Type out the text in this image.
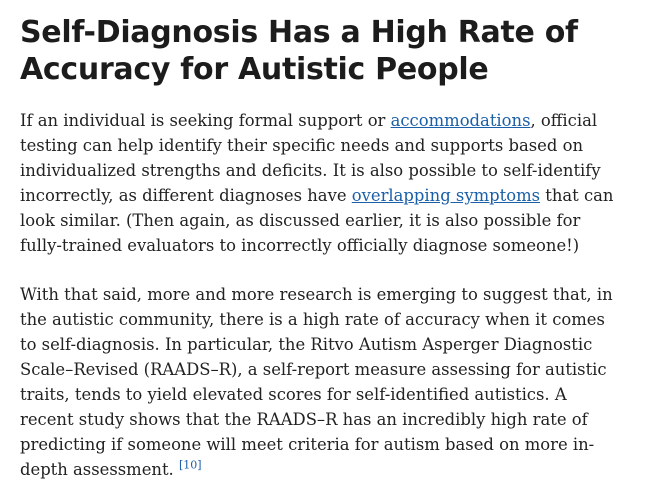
Self-Diagnosis Has a High Rate of
Accuracy for Autistic People

If an individual is seeking formal support or accommodations, official testing can help identify their specific needs and supports based on individualized strengths and deficits. It is also possible to self-identify incorrectly, as different diagnoses have overlapping symptoms that can look similar. (Then again, as discussed earlier, it is also possible for fully-trained evaluators to incorrectly officially diagnose someone!)

With that said, more and more research is emerging to suggest that, in the autistic community, there is a high rate of accuracy when it comes to self-diagnosis. In particular, the Ritvo Autism Asperger Diagnostic Scale–Revised (RAADS–R), a self-report measure assessing for autistic traits, tends to yield elevated scores for self-identified autistics. A recent study shows that the RAADS–R has an incredibly high rate of predicting if someone will meet criteria for autism based on more in-depth assessment. [10]
